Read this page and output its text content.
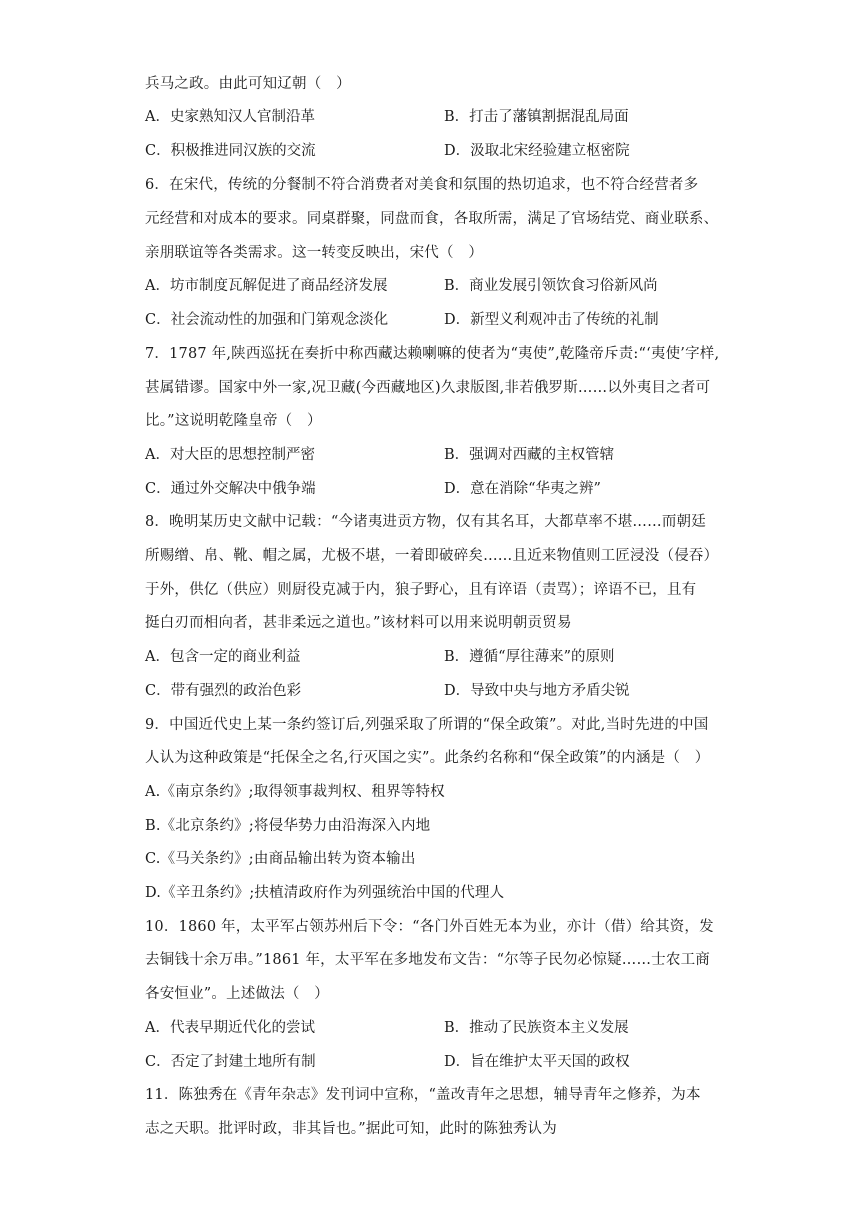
兵马之政。由此可知辽朝（　）
A．史家熟知汉人官制沿革	B．打击了藩镇割据混乱局面
C．积极推进同汉族的交流	D．汲取北宋经验建立枢密院
6．在宋代，传统的分餐制不符合消费者对美食和氛围的热切追求，也不符合经营者多
元经营和对成本的要求。同桌群聚，同盘而食，各取所需，满足了官场结党、商业联系、
亲朋联谊等各类需求。这一转变反映出，宋代（　）
A．坊市制度瓦解促进了商品经济发展	B．商业发展引领饮食习俗新风尚
C．社会流动性的加强和门第观念淡化	D．新型义利观冲击了传统的礼制
7．1787 年,陕西巡抚在奏折中称西藏达赖喇嘛的使者为“夷使”,乾隆帝斥责:“‘夷使’字样,
甚属错谬。国家中外一家,况卫藏(今西藏地区)久隶版图,非若俄罗斯……以外夷目之者可
比。”这说明乾隆皇帝（　）
A．对大臣的思想控制严密	B．强调对西藏的主权管辖
C．通过外交解决中俄争端	D．意在消除“华夷之辨”
8．晚明某历史文献中记载：“今诸夷进贡方物，仅有其名耳，大都草率不堪……而朝廷
所赐缯、帛、靴、帽之属，尤极不堪，一着即破碎矣……且近来物值则工匠浸没（侵吞）
于外，供亿（供应）则厨役克减于内，狼子野心，且有谇语（责骂）；谇语不已，且有
挺白刃而相向者，甚非柔远之道也。”该材料可以用来说明朝贡贸易
A．包含一定的商业利益	B．遵循“厚往薄来”的原则
C．带有强烈的政治色彩	D．导致中央与地方矛盾尖锐
9．中国近代史上某一条约签订后,列强采取了所谓的“保全政策”。对此,当时先进的中国
人认为这种政策是“托保全之名,行灭国之实”。此条约名称和“保全政策”的内涵是（　）
A.《南京条约》;取得领事裁判权、租界等特权
B.《北京条约》;将侵华势力由沿海深入内地
C.《马关条约》;由商品输出转为资本输出
D.《辛丑条约》;扶植清政府作为列强统治中国的代理人
10．1860 年，太平军占领苏州后下令：“各门外百姓无本为业，亦计（借）给其资，发
去铜钱十余万串。”1861 年，太平军在多地发布文告：“尔等子民勿必惊疑……士农工商
各安恒业”。上述做法（　）
A．代表早期近代化的尝试	B．推动了民族资本主义发展
C．否定了封建土地所有制	D．旨在维护太平天国的政权
11．陈独秀在《青年杂志》发刊词中宣称，“盖改青年之思想，辅导青年之修养，为本
志之天职。批评时政，非其旨也。”据此可知，此时的陈独秀认为
